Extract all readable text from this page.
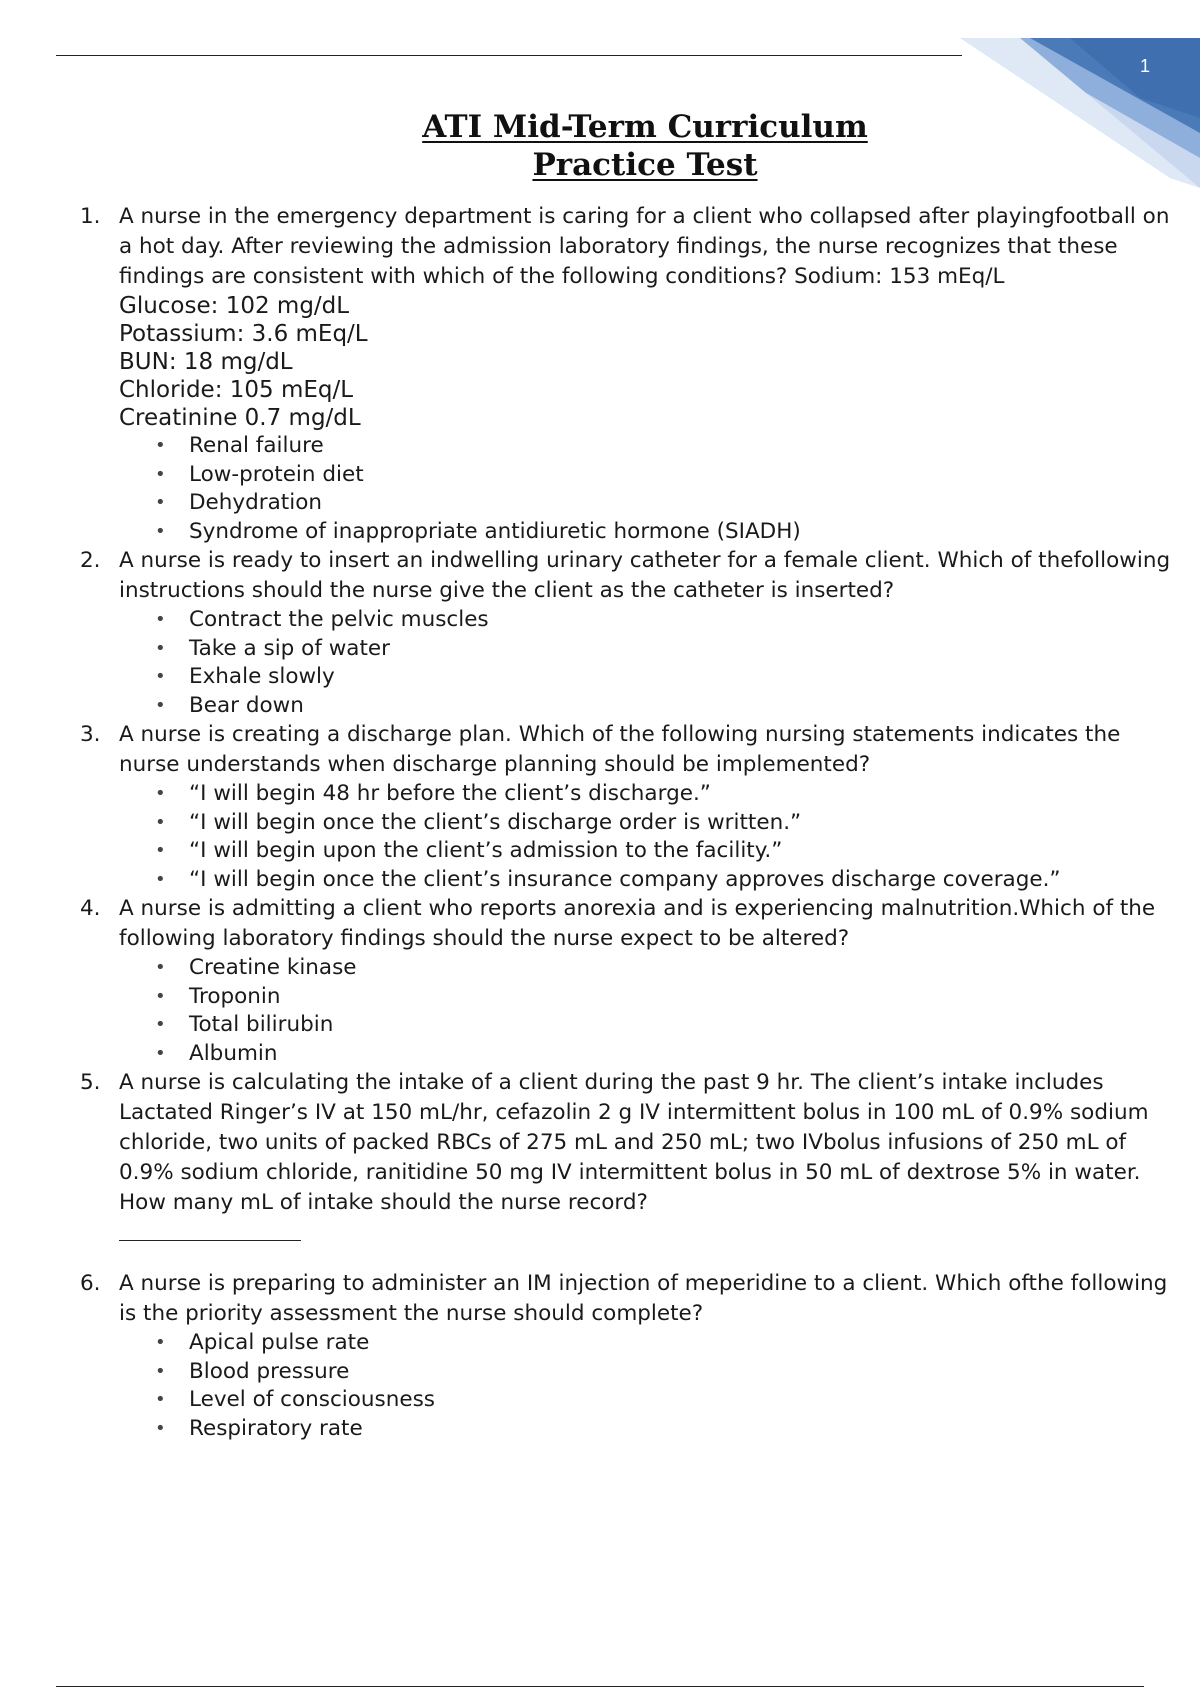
1
ATI Mid-Term Curriculum
Practice Test
1. A nurse in the emergency department is caring for a client who collapsed after playingfootball on a hot day. After reviewing the admission laboratory findings, the nurse recognizes that these findings are consistent with which of the following conditions? Sodium: 153 mEq/L

Glucose: 102 mg/dL
Potassium: 3.6 mEq/L
BUN: 18 mg/dL
Chloride: 105 mEq/L
Creatinine 0.7 mg/dL
• Renal failure
• Low-protein diet
• Dehydration
• Syndrome of inappropriate antidiuretic hormone (SIADH)
2. A nurse is ready to insert an indwelling urinary catheter for a female client. Which of thefollowing instructions should the nurse give the client as the catheter is inserted?

• Contract the pelvic muscles
• Take a sip of water
• Exhale slowly
• Bear down
3. A nurse is creating a discharge plan. Which of the following nursing statements indicates the nurse understands when discharge planning should be implemented?

• “I will begin 48 hr before the client’s discharge.”
• “I will begin once the client’s discharge order is written.”
• “I will begin upon the client’s admission to the facility.”
• “I will begin once the client’s insurance company approves discharge coverage.”
4. A nurse is admitting a client who reports anorexia and is experiencing malnutrition.Which of the following laboratory findings should the nurse expect to be altered?

• Creatine kinase
• Troponin
• Total bilirubin
• Albumin
5. A nurse is calculating the intake of a client during the past 9 hr. The client’s intake includes Lactated Ringer’s IV at 150 mL/hr, cefazolin 2 g IV intermittent bolus in 100 mL of 0.9% sodium chloride, two units of packed RBCs of 275 mL and 250 mL; two IVbolus infusions of 250 mL of 0.9% sodium chloride, ranitidine 50 mg IV intermittent bolus in 50 mL of dextrose 5% in water. How many mL of intake should the nurse record?

6. A nurse is preparing to administer an IM injection of meperidine to a client. Which ofthe following is the priority assessment the nurse should complete?

• Apical pulse rate
• Blood pressure
• Level of consciousness
• Respiratory rate
